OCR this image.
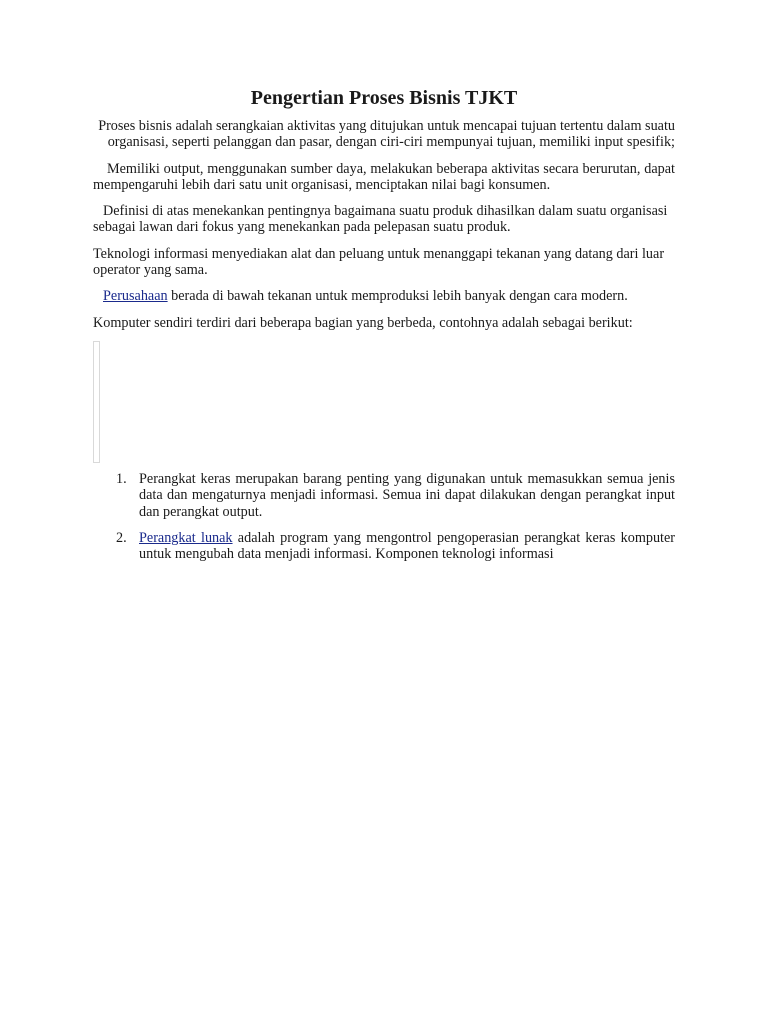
Pengertian Proses Bisnis TJKT

Proses bisnis adalah serangkaian aktivitas yang ditujukan untuk mencapai tujuan tertentu dalam suatu organisasi, seperti pelanggan dan pasar, dengan ciri-ciri mempunyai tujuan, memiliki input spesifik;

Memiliki output, menggunakan sumber daya, melakukan beberapa aktivitas secara berurutan, dapat mempengaruhi lebih dari satu unit organisasi, menciptakan nilai bagi konsumen.

Definisi di atas menekankan pentingnya bagaimana suatu produk dihasilkan dalam suatu organisasi sebagai lawan dari fokus yang menekankan pada pelepasan suatu produk.

Teknologi informasi menyediakan alat dan peluang untuk menanggapi tekanan yang datang dari luar operator yang sama.

Perusahaan berada di bawah tekanan untuk memproduksi lebih banyak dengan cara modern.

Komputer sendiri terdiri dari beberapa bagian yang berbeda, contohnya adalah sebagai berikut:

1. Perangkat keras merupakan barang penting yang digunakan untuk memasukkan semua jenis data dan mengaturnya menjadi informasi. Semua ini dapat dilakukan dengan perangkat input dan perangkat output.
2. Perangkat lunak adalah program yang mengontrol pengoperasian perangkat keras komputer untuk mengubah data menjadi informasi. Komponen teknologi informasi
